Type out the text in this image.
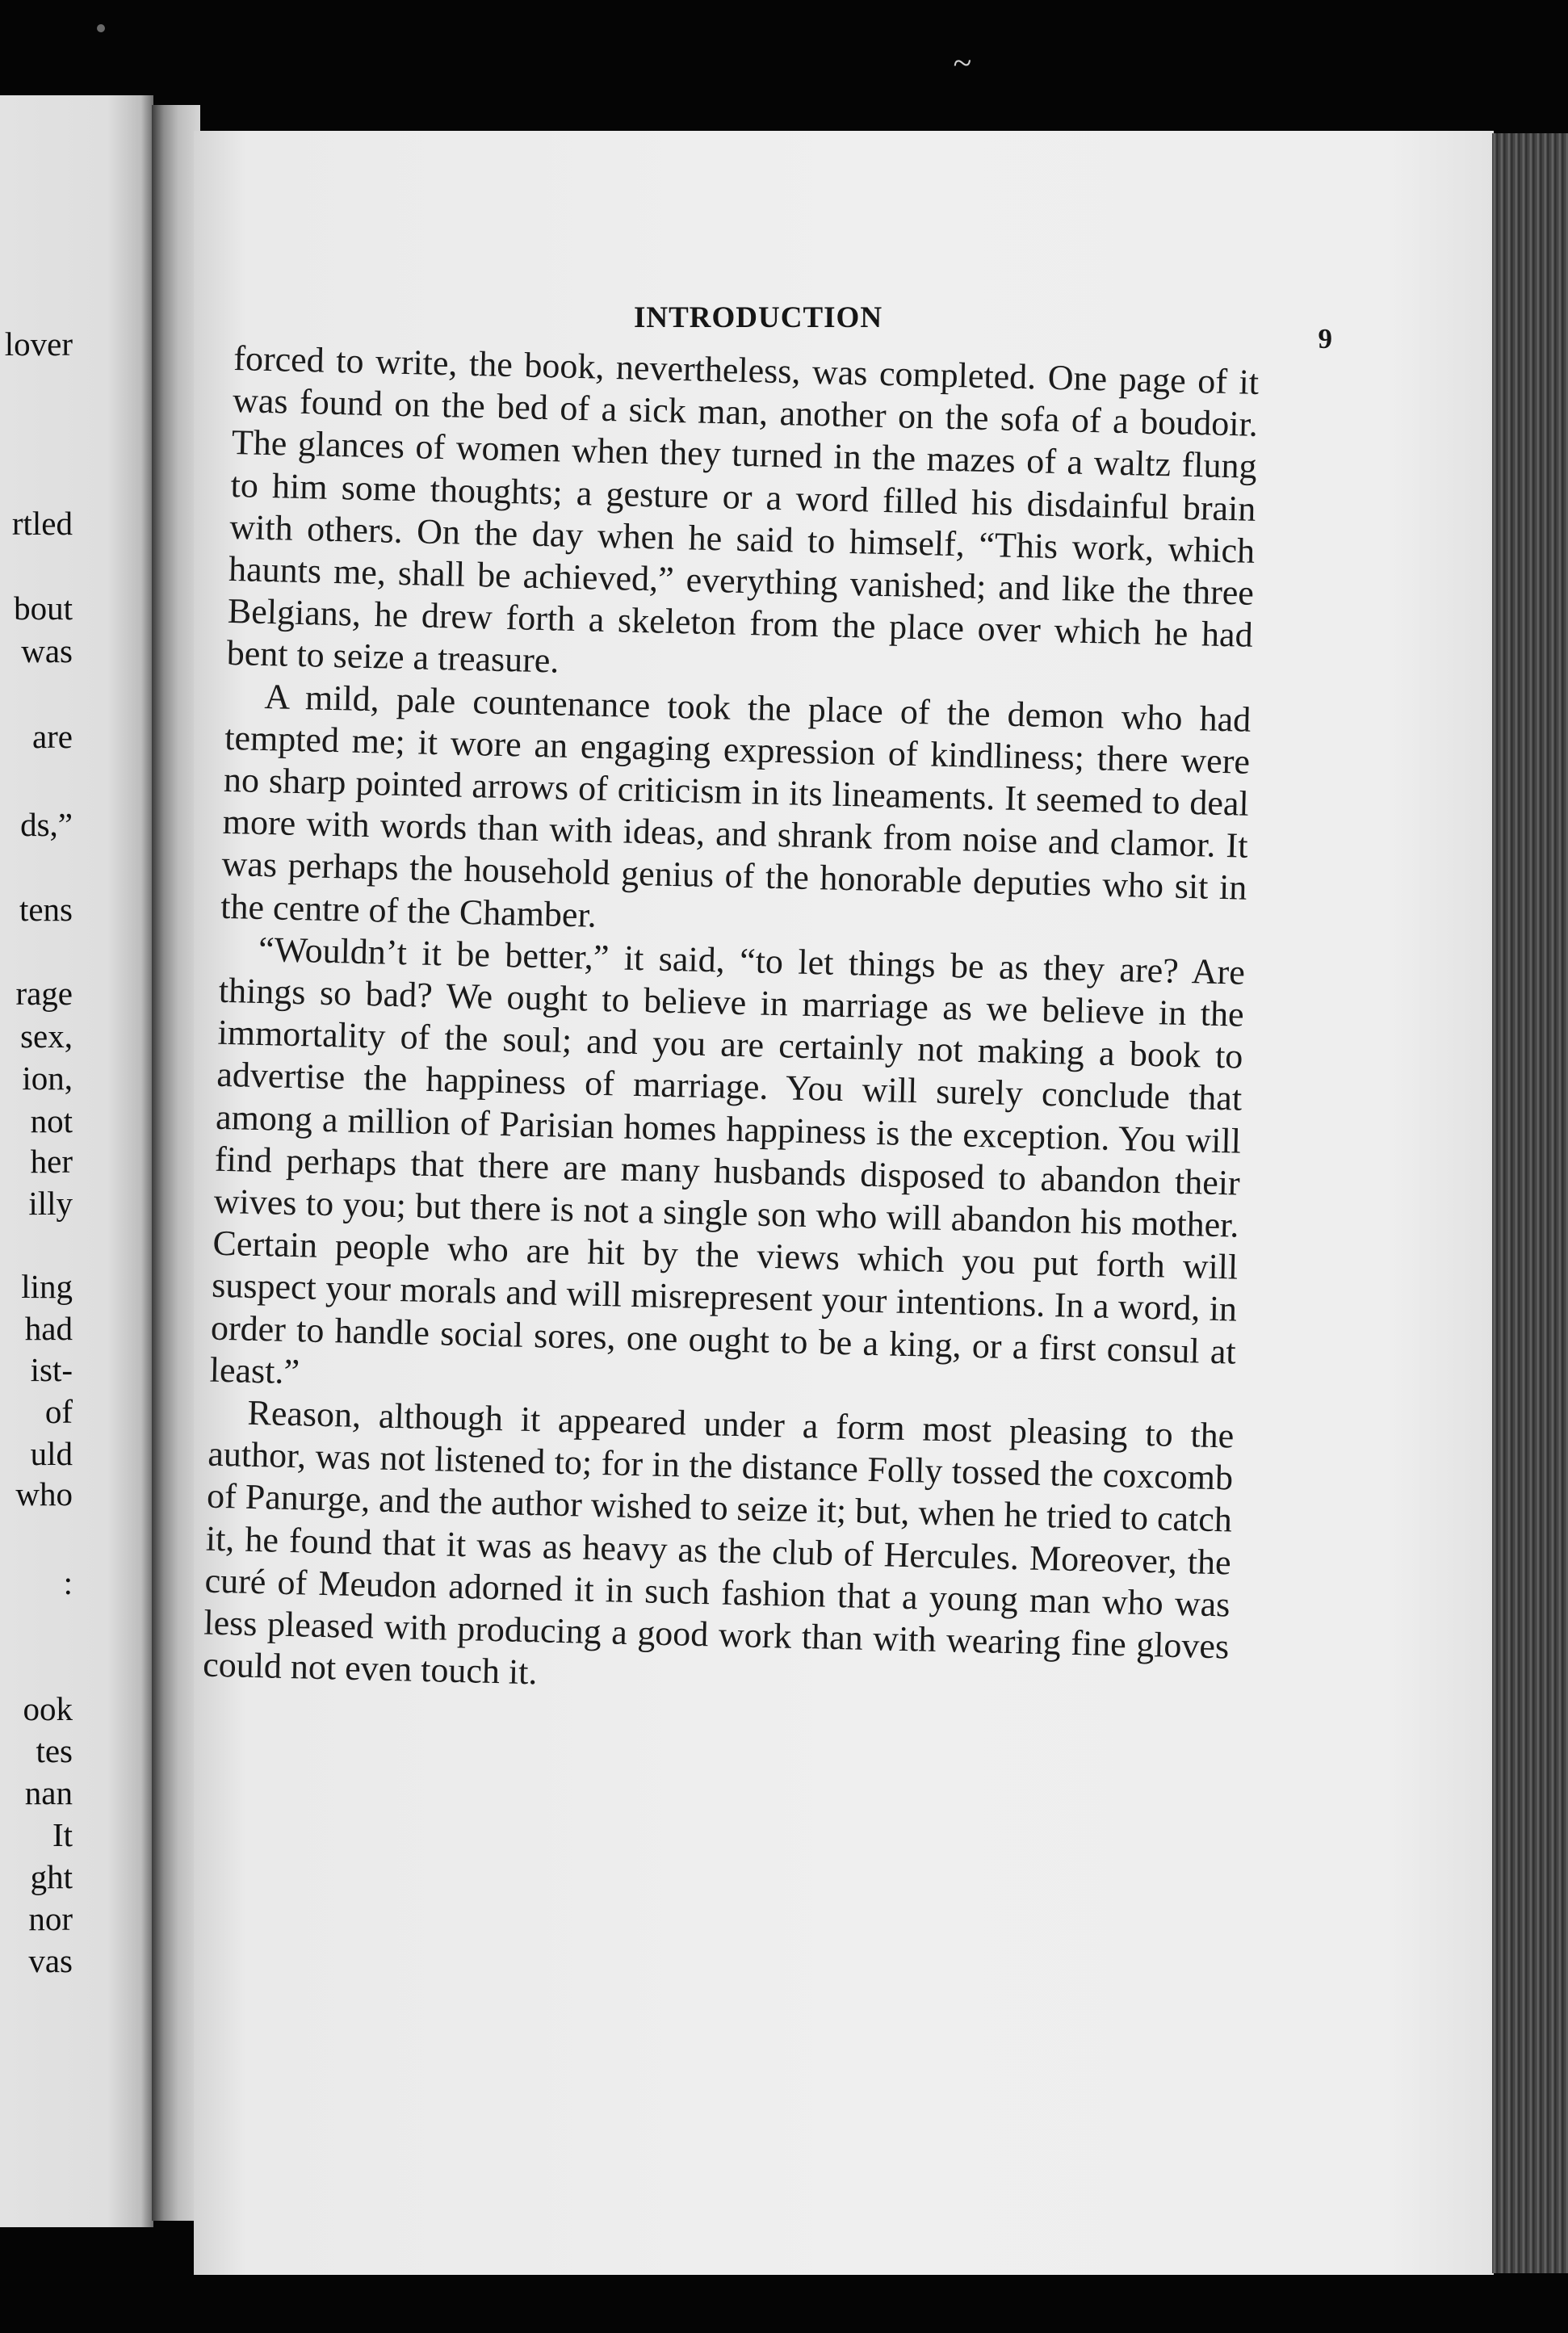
~
lover
rtled
bout
was
are
ds,”
tens
rage
sex,
ion,
not
her
illy
ling
had
ist-
of
uld
who
:
ook
tes
nan
It
ght
nor
vas
INTRODUCTION
9

forced to write, the book, nevertheless, was completed. One page of it was found on the bed of a sick man, another on the sofa of a boudoir. The glances of women when they turned in the mazes of a waltz flung to him some thoughts; a gesture or a word filled his disdainful brain with others. On the day when he said to himself, “This work, which haunts me, shall be achieved,” everything vanished; and like the three Belgians, he drew forth a skeleton from the place over which he had bent to seize a treasure.

A mild, pale countenance took the place of the demon who had tempted me; it wore an engaging expression of kindliness; there were no sharp pointed arrows of criticism in its lineaments. It seemed to deal more with words than with ideas, and shrank from noise and clamor. It was perhaps the household genius of the honorable deputies who sit in the centre of the Chamber.

“Wouldn’t it be better,” it said, “to let things be as they are? Are things so bad? We ought to believe in marriage as we believe in the immortality of the soul; and you are certainly not making a book to advertise the happiness of marriage. You will surely conclude that among a million of Parisian homes happiness is the exception. You will find perhaps that there are many husbands disposed to abandon their wives to you; but there is not a single son who will abandon his mother. Certain people who are hit by the views which you put forth will suspect your morals and will misrepresent your intentions. In a word, in order to handle social sores, one ought to be a king, or a first consul at least.”

Reason, although it appeared under a form most pleasing to the author, was not listened to; for in the distance Folly tossed the coxcomb of Panurge, and the author wished to seize it; but, when he tried to catch it, he found that it was as heavy as the club of Hercules. Moreover, the curé of Meudon adorned it in such fashion that a young man who was less pleased with producing a good work than with wearing fine gloves could not even touch it.
